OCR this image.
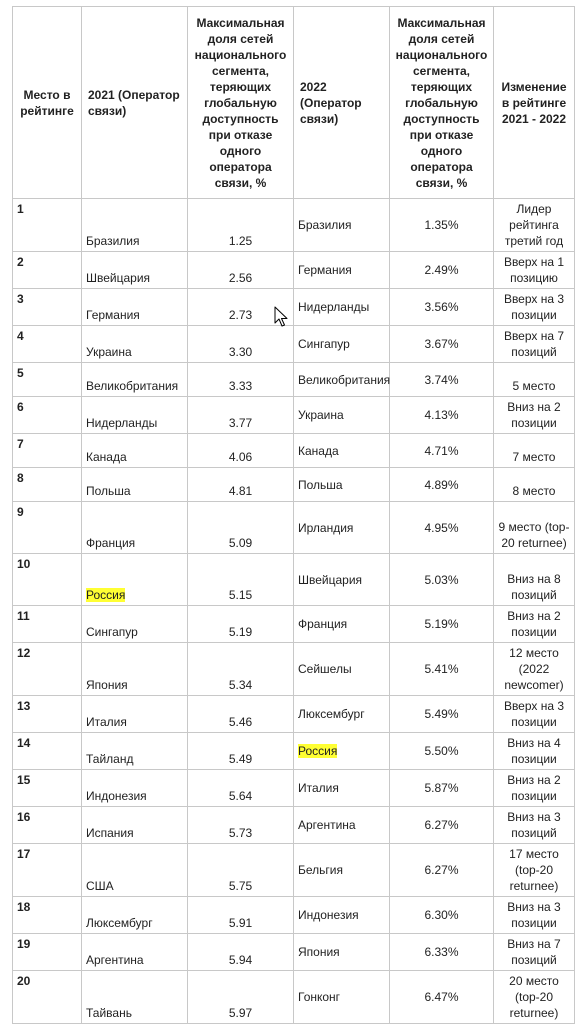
Место в рейтинге	2021 (Оператор связи)	Максимальная доля сетей национального сегмента, теряющих глобальную доступность при отказе одного оператора связи, %	2022 (Оператор связи)	Максимальная доля сетей национального сегмента, теряющих глобальную доступность при отказе одного оператора связи, %	Изменение в рейтинге 2021 - 2022
1	Бразилия	1.25	Бразилия	1.35%	Лидер рейтинга третий год
2	Швейцария	2.56	Германия	2.49%	Вверх на 1 позицию
3	Германия	2.73	Нидерланды	3.56%	Вверх на 3 позиции
4	Украина	3.30	Сингапур	3.67%	Вверх на 7 позиций
5	Великобритания	3.33	Великобритания	3.74%	5 место
6	Нидерланды	3.77	Украина	4.13%	Вниз на 2 позиции
7	Канада	4.06	Канада	4.71%	7 место
8	Польша	4.81	Польша	4.89%	8 место
9	Франция	5.09	Ирландия	4.95%	9 место (top-20 returnee)
10	Россия	5.15	Швейцария	5.03%	Вниз на 8 позиций
11	Сингапур	5.19	Франция	5.19%	Вниз на 2 позиции
12	Япония	5.34	Сейшелы	5.41%	12 место (2022 newcomer)
13	Италия	5.46	Люксембург	5.49%	Вверх на 3 позиции
14	Тайланд	5.49	Россия	5.50%	Вниз на 4 позиции
15	Индонезия	5.64	Италия	5.87%	Вниз на 2 позиции
16	Испания	5.73	Аргентина	6.27%	Вниз на 3 позиций
17	США	5.75	Бельгия	6.27%	17 место (top-20 returnee)
18	Люксембург	5.91	Индонезия	6.30%	Вниз на 3 позиции
19	Аргентина	5.94	Япония	6.33%	Вниз на 7 позиций
20	Тайвань	5.97	Гонконг	6.47%	20 место (top-20 returnee)
